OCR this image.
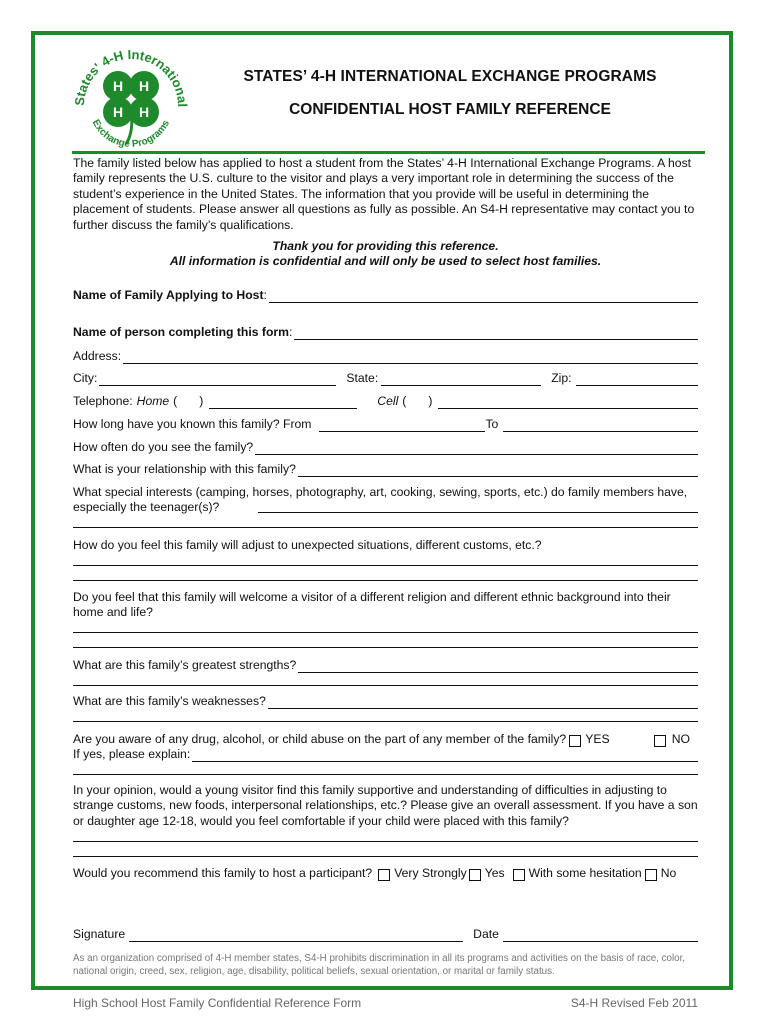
H H
H H
States' 4-H International
Exchange Programs
STATES’ 4-H INTERNATIONAL EXCHANGE PROGRAMS
CONFIDENTIAL HOST FAMILY REFERENCE
The family listed below has applied to host a student from the States’ 4-H International Exchange Programs. A host family represents the U.S. culture to the visitor and plays a very important role in determining the success of the student’s experience in the United States. The information that you provide will be useful in determining the placement of students. Please answer all questions as fully as possible. An S4-H representative may contact you to further discuss the family’s qualifications.
Thank you for providing this reference.
All information is confidential and will only be used to select host families.
Name of Family Applying to Host :
Name of person completing this form :
Address:
City:	State:	Zip:
Telephone: Home ( )	Cell ( )
How long have you known this family? From	To
How often do you see the family?
What is your relationship with this family?
What special interests (camping, horses, photography, art, cooking, sewing, sports, etc.) do family members have, especially the teenager(s)?
How do you feel this family will adjust to unexpected situations, different customs, etc.?
Do you feel that this family will welcome a visitor of a different religion and different ethnic background into their home and life?
What are this family’s greatest strengths?
What are this family’s weaknesses?
Are you aware of any drug, alcohol, or child abuse on the part of any member of the family? YES	NO
If yes, please explain:
In your opinion, would a young visitor find this family supportive and understanding of difficulties in adjusting to strange customs, new foods, interpersonal relationships, etc.? Please give an overall assessment. If you have a son or daughter age 12-18, would you feel comfortable if your child were placed with this family?
Would you recommend this family to host a participant? Very Strongly Yes With some hesitation No
Signature	Date
As an organization comprised of 4-H member states, S4-H prohibits discrimination in all its programs and activities on the basis of race, color, national origin, creed, sex, religion, age, disability, political beliefs, sexual orientation, or marital or family status.
High School Host Family Confidential Reference Form	S4-H Revised Feb 2011
